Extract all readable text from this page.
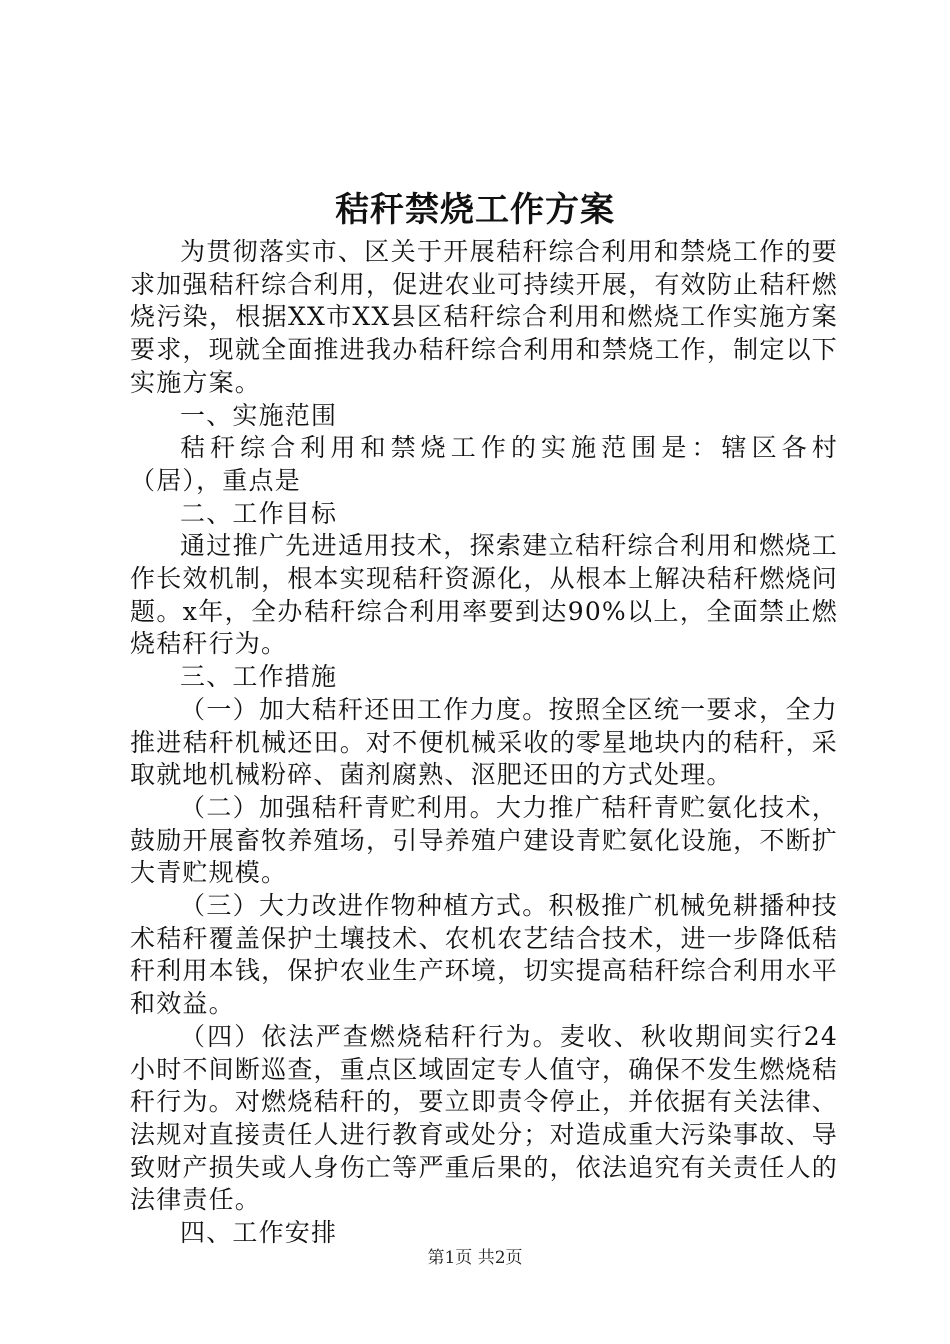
秸秆禁烧工作方案

为贯彻落实市、区关于开展秸秆综合利用和禁烧工作的要求加强秸秆综合利用，促进农业可持续开展，有效防止秸秆燃烧污染，根据XX市XX县区秸秆综合利用和燃烧工作实施方案要求，现就全面推进我办秸秆综合利用和禁烧工作，制定以下实施方案。

一、实施范围

秸秆综合利用和禁烧工作的实施范围是：辖区各村（居），重点是

二、工作目标

通过推广先进适用技术，探索建立秸秆综合利用和燃烧工作长效机制，根本实现秸秆资源化，从根本上解决秸秆燃烧问题。x年，全办秸秆综合利用率要到达90%以上，全面禁止燃烧秸秆行为。

三、工作措施

（一）加大秸秆还田工作力度。按照全区统一要求，全力推进秸秆机械还田。对不便机械采收的零星地块内的秸秆，采取就地机械粉碎、菌剂腐熟、沤肥还田的方式处理。

（二）加强秸秆青贮利用。大力推广秸秆青贮氨化技术，鼓励开展畜牧养殖场，引导养殖户建设青贮氨化设施，不断扩大青贮规模。

（三）大力改进作物种植方式。积极推广机械免耕播种技术秸秆覆盖保护土壤技术、农机农艺结合技术，进一步降低秸秆利用本钱，保护农业生产环境，切实提高秸秆综合利用水平和效益。

（四）依法严查燃烧秸秆行为。麦收、秋收期间实行24小时不间断巡查，重点区域固定专人值守，确保不发生燃烧秸秆行为。对燃烧秸秆的，要立即责令停止，并依据有关法律、法规对直接责任人进行教育或处分；对造成重大污染事故、导致财产损失或人身伤亡等严重后果的，依法追究有关责任人的法律责任。

四、工作安排

第1页 共2页
